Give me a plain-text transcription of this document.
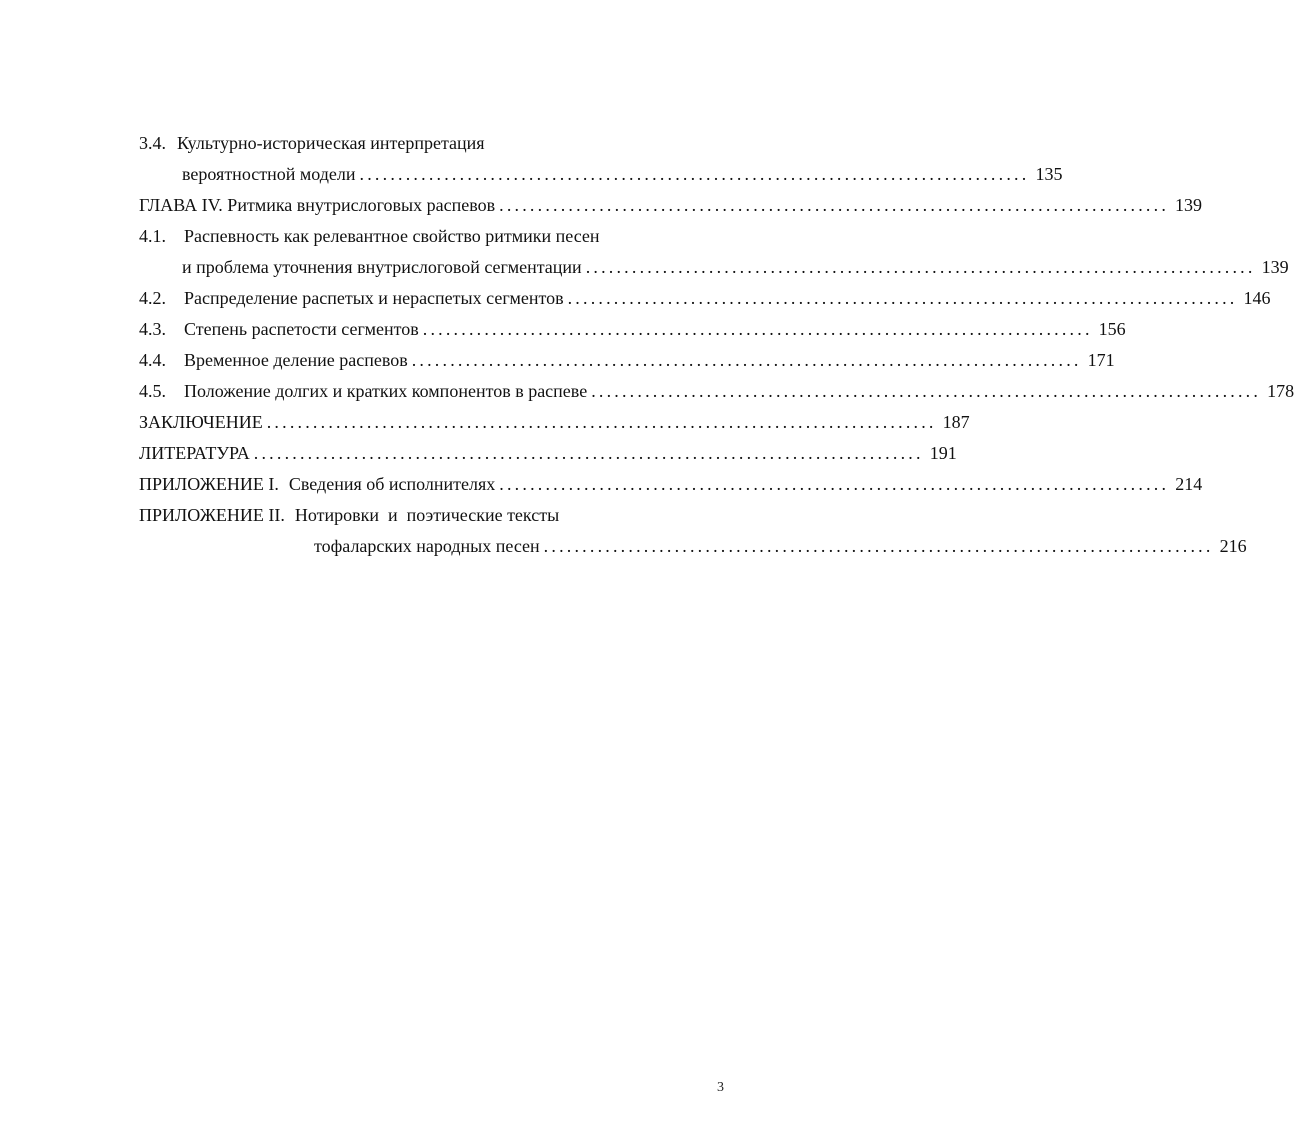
3.4. Культурно-историческая интерпретация
вероятностной модели ....................................................................................... 135
ГЛАВА IV. Ритмика внутрислоговых распевов ....................................................................................... 139
4.1. Распевность как релевантное свойство ритмики песен
и проблема уточнения внутрислоговой сегментации ....................................................................................... 139
4.2. Распределение распетых и нераспетых сегментов ....................................................................................... 146
4.3. Степень распетости сегментов ....................................................................................... 156
4.4. Временное деление распевов ....................................................................................... 171
4.5. Положение долгих и кратких компонентов в распеве ....................................................................................... 178
ЗАКЛЮЧЕНИЕ ....................................................................................... 187
ЛИТЕРАТУРА ....................................................................................... 191
ПРИЛОЖЕНИЕ I. Сведения об исполнителях ....................................................................................... 214
ПРИЛОЖЕНИЕ II. Нотировки  и  поэтические тексты
тофаларских народных песен ....................................................................................... 216
3
